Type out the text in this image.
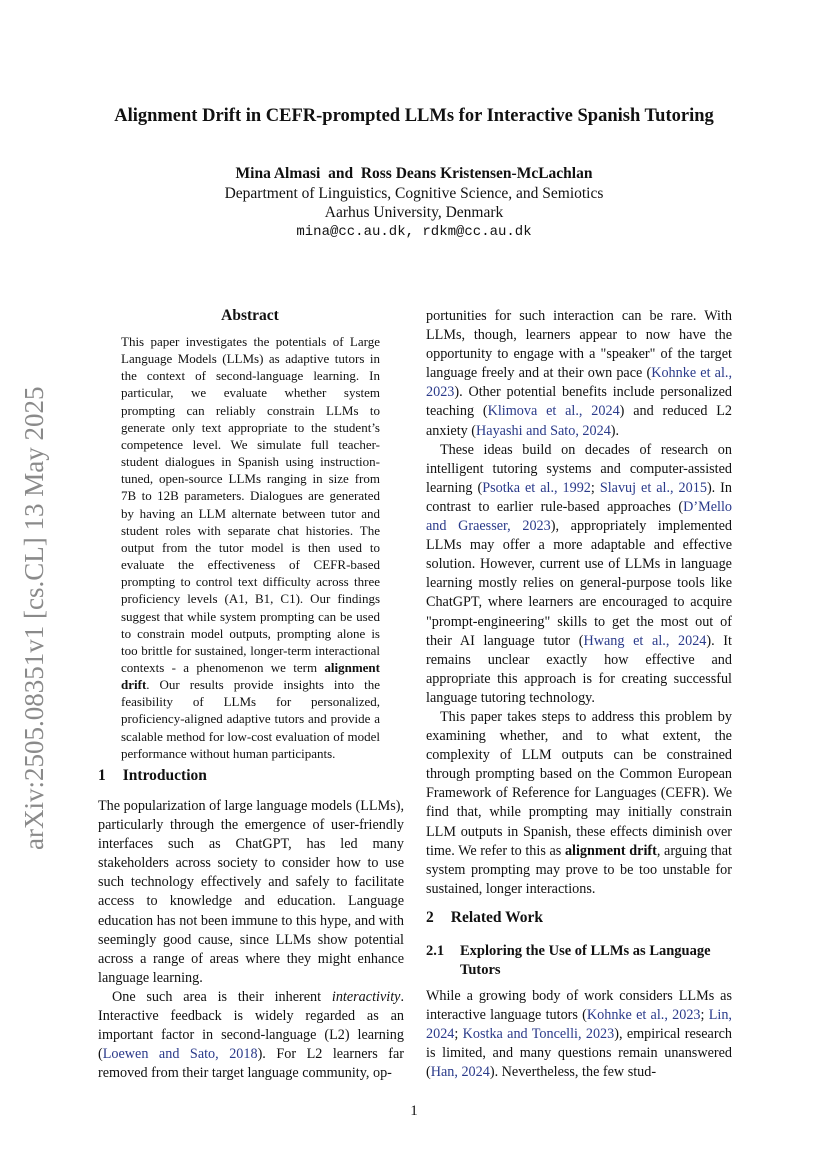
arXiv:2505.08351v1 [cs.CL] 13 May 2025
Alignment Drift in CEFR-prompted LLMs for Interactive Spanish Tutoring
Mina Almasi  and  Ross Deans Kristensen-McLachlan
Department of Linguistics, Cognitive Science, and Semiotics
Aarhus University, Denmark
mina@cc.au.dk, rdkm@cc.au.dk
Abstract
This paper investigates the potentials of Large Language Models (LLMs) as adaptive tutors in the context of second-language learning. In particular, we evaluate whether system prompting can reliably constrain LLMs to generate only text appropriate to the student’s competence level. We simulate full teacher-student dialogues in Spanish using instruction-tuned, open-source LLMs ranging in size from 7B to 12B parameters. Dialogues are generated by having an LLM alternate between tutor and student roles with separate chat histories. The output from the tutor model is then used to evaluate the effectiveness of CEFR-based prompting to control text difficulty across three proficiency levels (A1, B1, C1). Our findings suggest that while system prompting can be used to constrain model outputs, prompting alone is too brittle for sustained, longer-term interactional contexts - a phenomenon we term alignment drift. Our results provide insights into the feasibility of LLMs for personalized, proficiency-aligned adaptive tutors and provide a scalable method for low-cost evaluation of model performance without human participants.
1 Introduction

The popularization of large language models (LLMs), particularly through the emergence of user-friendly interfaces such as ChatGPT, has led many stakeholders across society to consider how to use such technology effectively and safely to facilitate access to knowledge and education. Language education has not been immune to this hype, and with seemingly good cause, since LLMs show potential across a range of areas where they might enhance language learning.

One such area is their inherent interactivity. Interactive feedback is widely regarded as an important factor in second-language (L2) learning (Loewen and Sato, 2018). For L2 learners far removed from their target language community, op-

portunities for such interaction can be rare. With LLMs, though, learners appear to now have the opportunity to engage with a "speaker" of the target language freely and at their own pace (Kohnke et al., 2023). Other potential benefits include personalized teaching (Klimova et al., 2024) and reduced L2 anxiety (Hayashi and Sato, 2024).

These ideas build on decades of research on intelligent tutoring systems and computer-assisted learning (Psotka et al., 1992; Slavuj et al., 2015). In contrast to earlier rule-based approaches (D’Mello and Graesser, 2023), appropriately implemented LLMs may offer a more adaptable and effective solution. However, current use of LLMs in language learning mostly relies on general-purpose tools like ChatGPT, where learners are encouraged to acquire "prompt-engineering" skills to get the most out of their AI language tutor (Hwang et al., 2024). It remains unclear exactly how effective and appropriate this approach is for creating successful language tutoring technology.

This paper takes steps to address this problem by examining whether, and to what extent, the complexity of LLM outputs can be constrained through prompting based on the Common European Framework of Reference for Languages (CEFR). We find that, while prompting may initially constrain LLM outputs in Spanish, these effects diminish over time. We refer to this as alignment drift, arguing that system prompting may prove to be too unstable for sustained, longer interactions.

2 Related Work
2.1 Exploring the Use of LLMs as Language
Tutors

While a growing body of work considers LLMs as interactive language tutors (Kohnke et al., 2023; Lin, 2024; Kostka and Toncelli, 2023), empirical research is limited, and many questions remain unanswered (Han, 2024). Nevertheless, the few stud-

1
